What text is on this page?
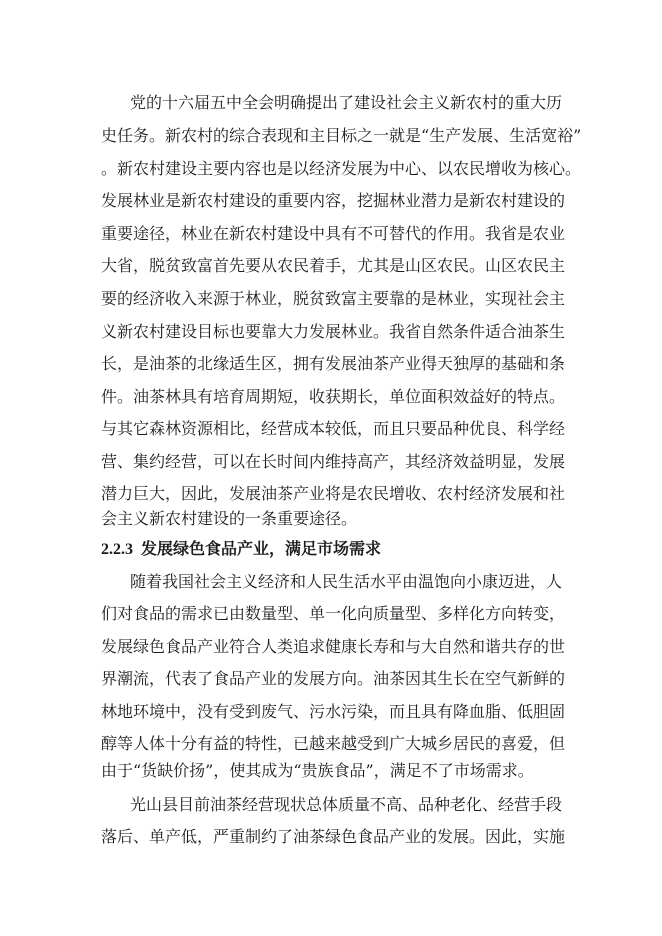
党的十六届五中全会明确提出了建设社会主义新农村的重大历
史任务。新农村的综合表现和主目标之一就是“生产发展、生活宽裕”
。新农村建设主要内容也是以经济发展为中心、以农民增收为核心。
发展林业是新农村建设的重要内容，挖掘林业潜力是新农村建设的
重要途径，林业在新农村建设中具有不可替代的作用。我省是农业
大省，脱贫致富首先要从农民着手，尤其是山区农民。山区农民主
要的经济收入来源于林业，脱贫致富主要靠的是林业，实现社会主
义新农村建设目标也要靠大力发展林业。我省自然条件适合油茶生
长，是油茶的北缘适生区，拥有发展油茶产业得天独厚的基础和条
件。油茶林具有培育周期短，收获期长，单位面积效益好的特点。
与其它森林资源相比，经营成本较低，而且只要品种优良、科学经
营、集约经营，可以在长时间内维持高产，其经济效益明显，发展
潜力巨大，因此，发展油茶产业将是农民增收、农村经济发展和社
会主义新农村建设的一条重要途径。
2.2.3 发展绿色食品产业，满足市场需求
随着我国社会主义经济和人民生活水平由温饱向小康迈进，人
们对食品的需求已由数量型、单一化向质量型、多样化方向转变，
发展绿色食品产业符合人类追求健康长寿和与大自然和谐共存的世
界潮流，代表了食品产业的发展方向。油茶因其生长在空气新鲜的
林地环境中，没有受到废气、污水污染，而且具有降血脂、低胆固
醇等人体十分有益的特性，已越来越受到广大城乡居民的喜爱，但
由于“货缺价扬”，使其成为“贵族食品”，满足不了市场需求。
光山县目前油茶经营现状总体质量不高、品种老化、经营手段
落后、单产低，严重制约了油茶绿色食品产业的发展。因此，实施
